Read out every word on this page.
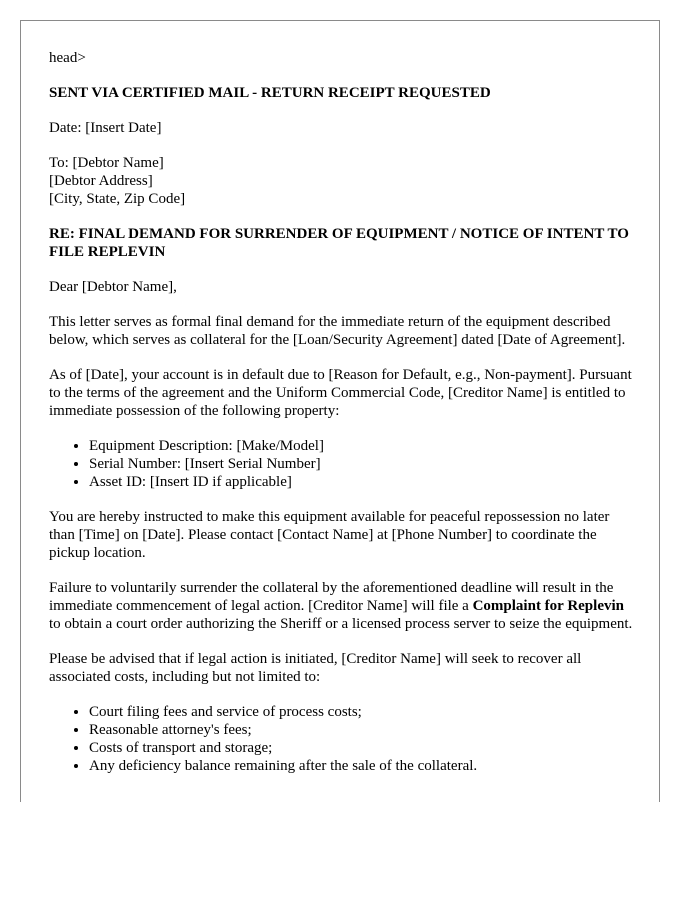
head>

SENT VIA CERTIFIED MAIL - RETURN RECEIPT REQUESTED

Date: [Insert Date]

To: [Debtor Name]
[Debtor Address]
[City, State, Zip Code]

RE: FINAL DEMAND FOR SURRENDER OF EQUIPMENT / NOTICE OF INTENT TO FILE REPLEVIN

Dear [Debtor Name],

This letter serves as formal final demand for the immediate return of the equipment described below, which serves as collateral for the [Loan/Security Agreement] dated [Date of Agreement].

As of [Date], your account is in default due to [Reason for Default, e.g., Non-payment]. Pursuant to the terms of the agreement and the Uniform Commercial Code, [Creditor Name] is entitled to immediate possession of the following property:

• Equipment Description: [Make/Model]
• Serial Number: [Insert Serial Number]
• Asset ID: [Insert ID if applicable]

You are hereby instructed to make this equipment available for peaceful repossession no later than [Time] on [Date]. Please contact [Contact Name] at [Phone Number] to coordinate the pickup location.

Failure to voluntarily surrender the collateral by the aforementioned deadline will result in the immediate commencement of legal action. [Creditor Name] will file a Complaint for Replevin to obtain a court order authorizing the Sheriff or a licensed process server to seize the equipment.

Please be advised that if legal action is initiated, [Creditor Name] will seek to recover all associated costs, including but not limited to:

• Court filing fees and service of process costs;
• Reasonable attorney's fees;
• Costs of transport and storage;
• Any deficiency balance remaining after the sale of the collateral.
